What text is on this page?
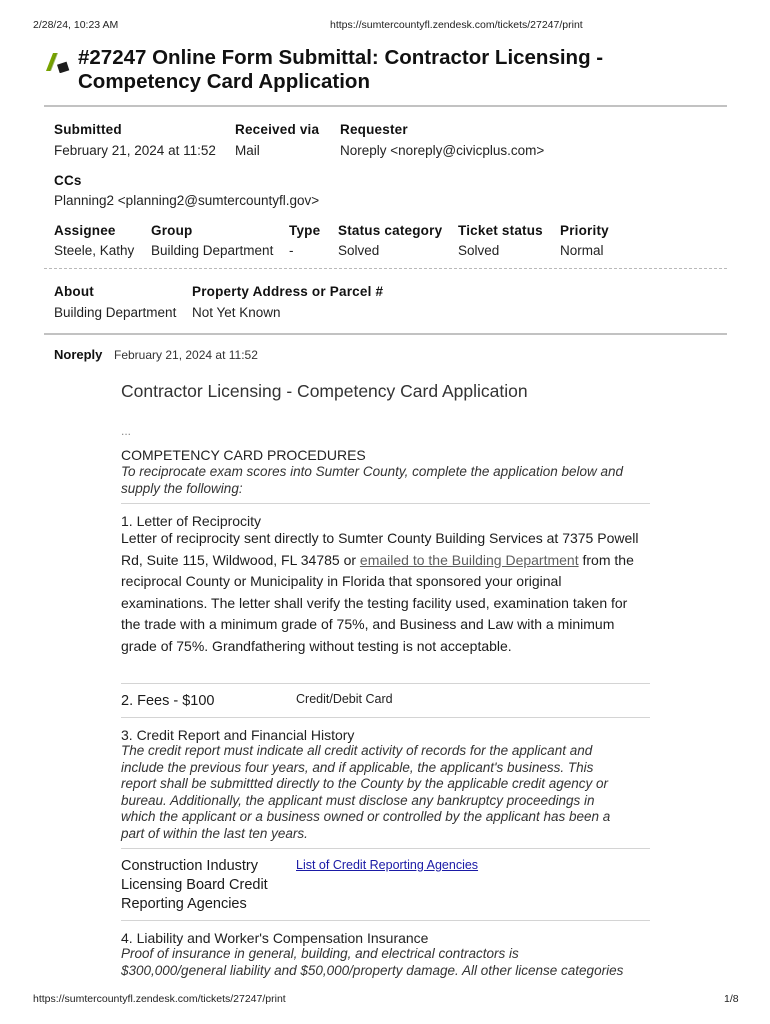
2/28/24, 10:23 AM	https://sumtercountyfl.zendesk.com/tickets/27247/print
#27247 Online Form Submittal: Contractor Licensing - Competency Card Application
Submitted
February 21, 2024 at 11:52
Received via
Mail
Requester
Noreply <noreply@civicplus.com>
CCs
Planning2 <planning2@sumtercountyfl.gov>
Assignee
Steele, Kathy
Group
Building Department
Type
-
Status category
Solved
Ticket status
Solved
Priority
Normal
About
Building Department
Property Address or Parcel #
Not Yet Known
Noreply February 21, 2024 at 11:52
Contractor Licensing - Competency Card Application
...
COMPETENCY CARD PROCEDURES
To reciprocate exam scores into Sumter County, complete the application below and
supply the following:
1. Letter of Reciprocity
Letter of reciprocity sent directly to Sumter County Building Services at 7375 Powell
Rd, Suite 115, Wildwood, FL 34785 or emailed to the Building Department from the
reciprocal County or Municipality in Florida that sponsored your original
examinations. The letter shall verify the testing facility used, examination taken for
the trade with a minimum grade of 75%, and Business and Law with a minimum
grade of 75%. Grandfathering without testing is not acceptable.
2. Fees - $100	Credit/Debit Card
3. Credit Report and Financial History
The credit report must indicate all credit activity of records for the applicant and
include the previous four years, and if applicable, the applicant's business. This
report shall be submittted directly to the County by the applicable credit agency or
bureau. Additionally, the applicant must disclose any bankruptcy proceedings in
which the applicant or a business owned or controlled by the applicant has been a
part of within the last ten years.
Construction Industry
Licensing Board Credit
Reporting Agencies
List of Credit Reporting Agencies
4. Liability and Worker's Compensation Insurance
Proof of insurance in general, building, and electrical contractors is
$300,000/general liability and $50,000/property damage. All other license categories
https://sumtercountyfl.zendesk.com/tickets/27247/print	1/8
